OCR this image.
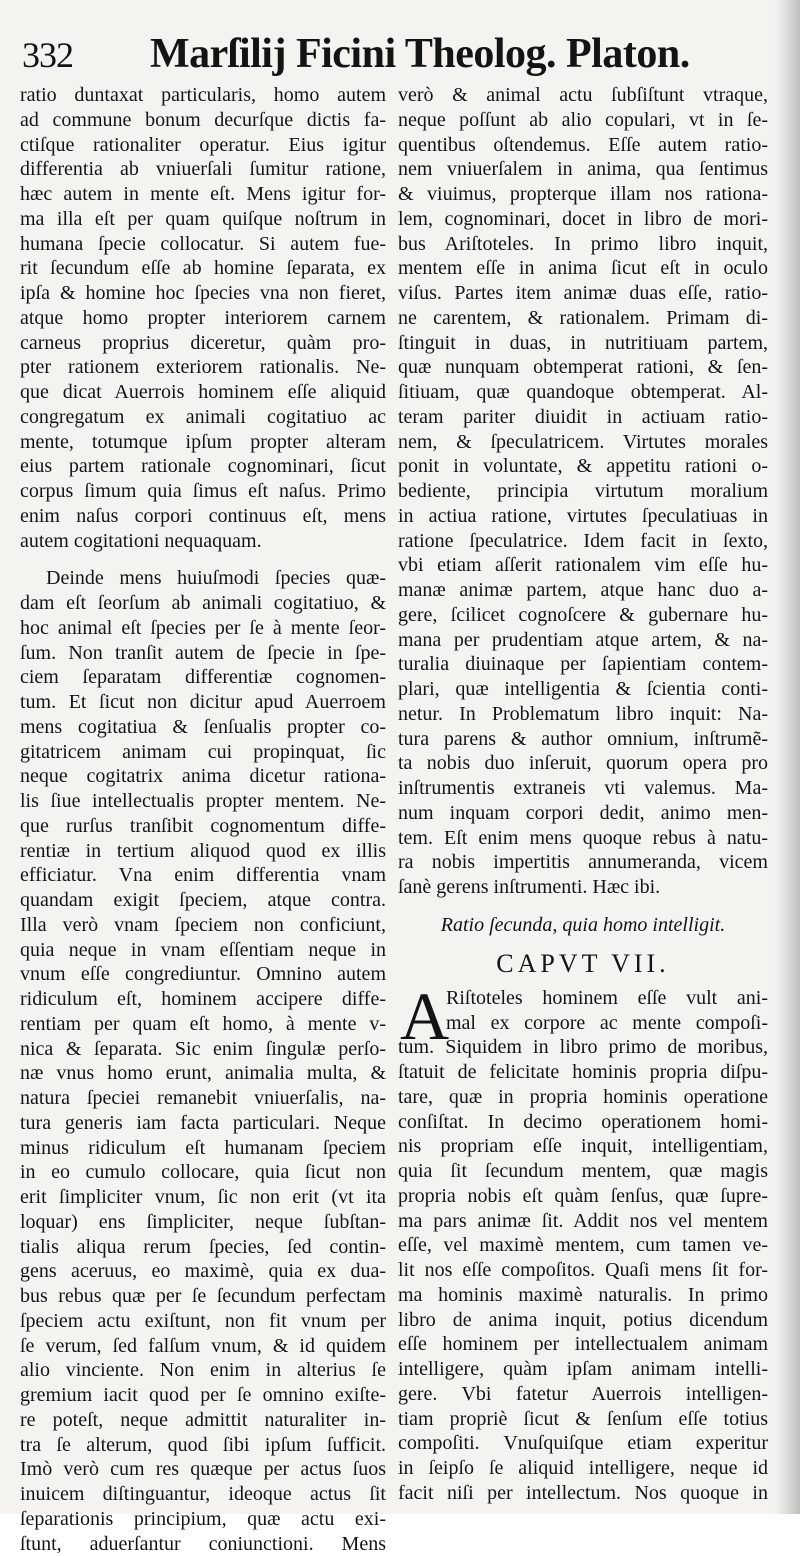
332 Marſilij Ficini Theolog. Platon.
ratio duntaxat particularis, homo autem
ad commune bonum decurſque dictis fa-
ctiſque rationaliter operatur. Eius igitur
differentia ab vniuerſali ſumitur ratione,
hæc autem in mente eſt. Mens igitur for-
ma illa eſt per quam quiſque noſtrum in
humana ſpecie collocatur. Si autem fue-
rit ſecundum eſſe ab homine ſeparata, ex
ipſa & homine hoc ſpecies vna non fieret,
atque homo propter interiorem carnem
carneus proprius diceretur, quàm pro-
pter rationem exteriorem rationalis. Ne-
que dicat Auerrois hominem eſſe aliquid
congregatum ex animali cogitatiuo ac
mente, totumque ipſum propter alteram
eius partem rationale cognominari, ſicut
corpus ſimum quia ſimus eſt naſus. Primo
enim naſus corpori continuus eſt, mens
autem cogitationi nequaquam.
Deinde mens huiuſmodi ſpecies quæ-
dam eſt ſeorſum ab animali cogitatiuo, &
hoc animal eſt ſpecies per ſe à mente ſeor-
ſum. Non tranſit autem de ſpecie in ſpe-
ciem ſeparatam differentiæ cognomen-
tum. Et ſicut non dicitur apud Auerroem
mens cogitatiua & ſenſualis propter co-
gitatricem animam cui propinquat, ſic
neque cogitatrix anima dicetur rationa-
lis ſiue intellectualis propter mentem. Ne-
que rurſus tranſibit cognomentum diffe-
rentiæ in tertium aliquod quod ex illis
efficiatur. Vna enim differentia vnam
quandam exigit ſpeciem, atque contra.
Illa verò vnam ſpeciem non conficiunt,
quia neque in vnam eſſentiam neque in
vnum eſſe congrediuntur. Omnino autem
ridiculum eſt, hominem accipere diffe-
rentiam per quam eſt homo, à mente v-
nica & ſeparata. Sic enim ſingulæ perſo-
næ vnus homo erunt, animalia multa, &
natura ſpeciei remanebit vniuerſalis, na-
tura generis iam facta particulari. Neque
minus ridiculum eſt humanam ſpeciem
in eo cumulo collocare, quia ſicut non
erit ſimpliciter vnum, ſic non erit (vt ita
loquar) ens ſimpliciter, neque ſubſtan-
tialis aliqua rerum ſpecies, ſed contin-
gens aceruus, eo maximè, quia ex dua-
bus rebus quæ per ſe ſecundum perfectam
ſpeciem actu exiſtunt, non fit vnum per
ſe verum, ſed falſum vnum, & id quidem
alio vinciente. Non enim in alterius ſe
gremium iacit quod per ſe omnino exiſte-
re poteſt, neque admittit naturaliter in-
tra ſe alterum, quod ſibi ipſum ſufficit.
Imò verò cum res quæque per actus ſuos
inuicem diſtinguantur, ideoque actus ſit
ſeparationis principium, quæ actu exi-
ſtunt, aduerſantur coniunctioni. Mens
verò & animal actu ſubſiſtunt vtraque,
neque poſſunt ab alio copulari, vt in ſe-
quentibus oſtendemus. Eſſe autem ratio-
nem vniuerſalem in anima, qua ſentimus
& viuimus, propterque illam nos rationa-
lem, cognominari, docet in libro de mori-
bus Ariſtoteles. In primo libro inquit,
mentem eſſe in anima ſicut eſt in oculo
viſus. Partes item animæ duas eſſe, ratio-
ne carentem, & rationalem. Primam di-
ſtinguit in duas, in nutritiuam partem,
quæ nunquam obtemperat rationi, & ſen-
ſitiuam, quæ quandoque obtemperat. Al-
teram pariter diuidit in actiuam ratio-
nem, & ſpeculatricem. Virtutes morales
ponit in voluntate, & appetitu rationi o-
bediente, principia virtutum moralium
in actiua ratione, virtutes ſpeculatiuas in
ratione ſpeculatrice. Idem facit in ſexto,
vbi etiam aſſerit rationalem vim eſſe hu-
manæ animæ partem, atque hanc duo a-
gere, ſcilicet cognoſcere & gubernare hu-
mana per prudentiam atque artem, & na-
turalia diuinaque per ſapientiam contem-
plari, quæ intelligentia & ſcientia conti-
netur. In Problematum libro inquit: Na-
tura parens & author omnium, inſtrumẽ-
ta nobis duo inſeruit, quorum opera pro
inſtrumentis extraneis vti valemus. Ma-
num inquam corpori dedit, animo men-
tem. Eſt enim mens quoque rebus à natu-
ra nobis impertitis annumeranda, vicem
ſanè gerens inſtrumenti. Hæc ibi.
Ratio ſecunda, quia homo intelligit.
CAPVT VII.
A
Riſtoteles hominem eſſe vult ani-
mal ex corpore ac mente compoſi-
tum. Siquidem in libro primo de moribus,
ſtatuit de felicitate hominis propria diſpu-
tare, quæ in propria hominis operatione
conſiſtat. In decimo operationem homi-
nis propriam eſſe inquit, intelligentiam,
quia ſit ſecundum mentem, quæ magis
propria nobis eſt quàm ſenſus, quæ ſupre-
ma pars animæ ſit. Addit nos vel mentem
eſſe, vel maximè mentem, cum tamen ve-
lit nos eſſe compoſitos. Quaſi mens ſit for-
ma hominis maximè naturalis. In primo
libro de anima inquit, potius dicendum
eſſe hominem per intellectualem animam
intelligere, quàm ipſam animam intelli-
gere. Vbi fatetur Auerrois intelligen-
tiam propriè ſicut & ſenſum eſſe totius
compoſiti. Vnuſquiſque etiam experitur
in ſeipſo ſe aliquid intelligere, neque id
facit niſi per intellectum. Nos quoque in
